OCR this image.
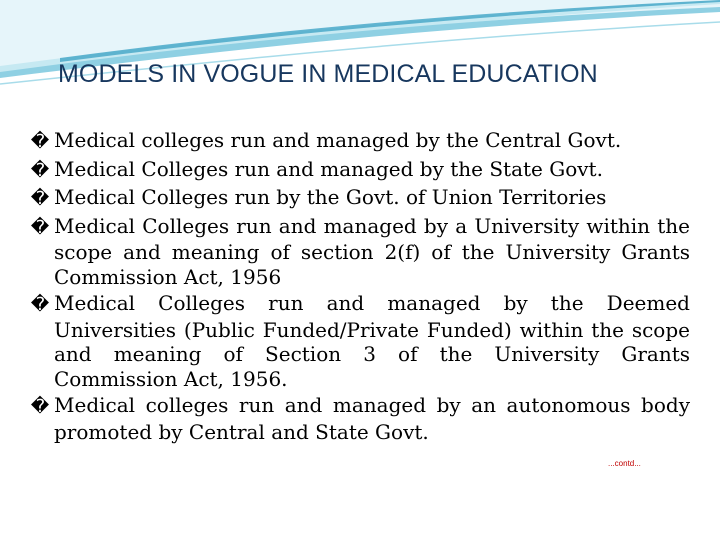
MODELS IN VOGUE IN MEDICAL EDUCATION
� Medical colleges run and managed by the Central Govt.
� Medical Colleges run and managed by the State Govt.
� Medical Colleges run by the Govt. of Union Territories
� Medical Colleges run and managed by a University within the scope and meaning of section 2(f) of the University Grants Commission Act, 1956
� Medical Colleges run and managed by the Deemed Universities (Public Funded/Private Funded) within the scope and meaning of Section 3 of the University Grants Commission Act, 1956.
� Medical colleges run and managed by an autonomous body promoted by Central and State Govt.
...contd...
